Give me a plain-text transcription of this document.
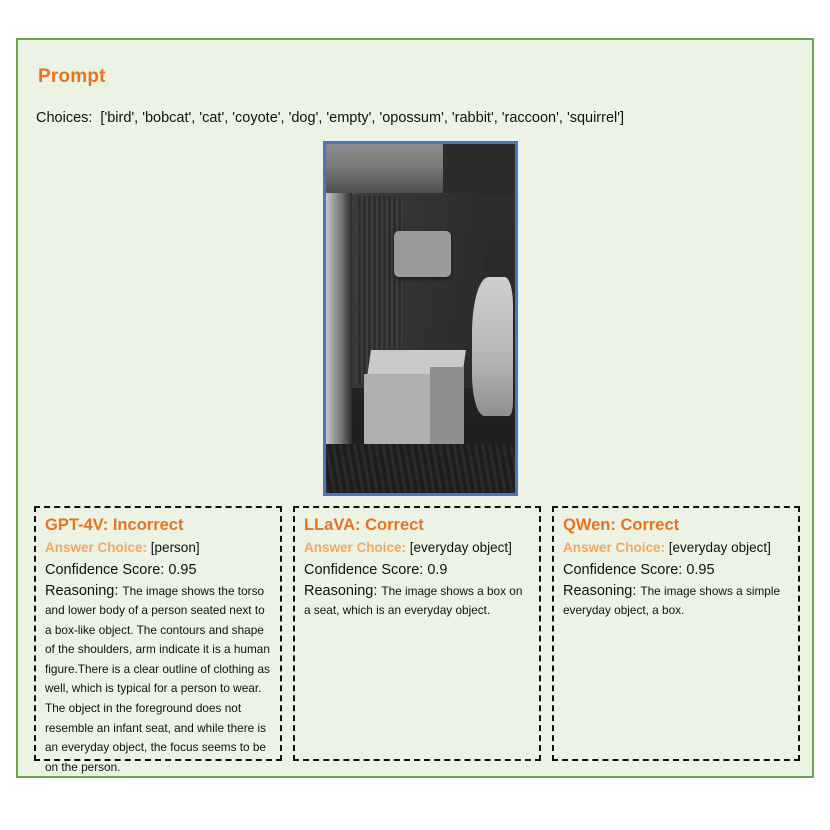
Prompt
Choices: ['bird', 'bobcat', 'cat', 'coyote', 'dog', 'empty', 'opossum', 'rabbit', 'raccoon', 'squirrel']
GPT-4V: Incorrect
Answer Choice: [person]
Confidence Score: 0.95
Reasoning: The image shows the torso and lower body of a person seated next to a box-like object. The contours and shape of the shoulders, arm indicate it is a human figure.There is a clear outline of clothing as well, which is typical for a person to wear. The object in the foreground does not resemble an infant seat, and while there is an everyday object, the focus seems to be on the person.
LLaVA: Correct
Answer Choice: [everyday object]
Confidence Score: 0.9
Reasoning: The image shows a box on a seat, which is an everyday object.
QWen: Correct
Answer Choice: [everyday object]
Confidence Score: 0.95
Reasoning: The image shows a simple everyday object, a box.
